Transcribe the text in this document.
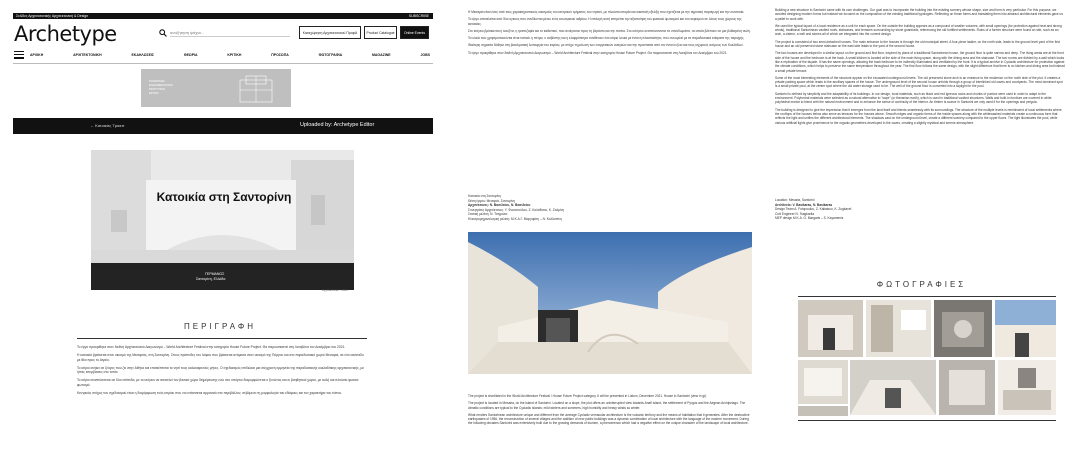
Σελίδες Αρχιτεκτονικής Αρχιτεκτονική & Design	SUBSCRIBE
Archetype
αναζήτηση ψάχνε...	Καταχώρηση Αρχιτεκτονικού Προφίλ	Product Catalogue	Online Events
ΑΡΧΙΚΗ	ΑΡΧΙΤΕΚΤΟΝΙΚΗ	ΕΚΔΗΛΩΣΕΙΣ	ΘΕΩΡΙΑ	ΚΡΙΤΙΚΗ	ΠΡΟΣΩΠΑ	ΦΩΤΟΓΡΑΦΙΑ	MAGAZINE	JOBS
ΠΑΝΟΡΑΜΑ
ΕΝΔΙΑΦΕΡΟΝΤΟΣ
ΠΡΟΤΥΠΩΝ
ΕΡΓΩΝ
← Κατοικίες Τρικεπ	Uploaded by: Archetype Editor
Κατοικία στη Σαντορίνη
ΓΕΡΜΑΝΟΣ
Σαντορίνη, Ελλάδα
Αρχιτεκτονικά · 2021
ΠΕΡΙΓΡΑΦΗ

Το έργο προκρίθηκε στον διεθνή Αρχιτεκτονικό Διαγωνισμό – World Architecture Festival στην κατηγορία House Future Project. Θα παρουσιαστεί στη Λισαβόνα τον Δεκέμβριο του 2021.

Η κατοικία βρίσκεται στον οικισμό της Μεσαριάς, στη Σαντορίνη. Στους πρόποδες του λόφου που βρίσκεται ανάμεσα στον οικισμό της Πύργου και στο παραδοσιακό χωριό Μεσαριά, σε ένα οικόπεδο με θέα προς το Αιγαίο.

Το κτίριο ανήκει σε ζεύγος που ζει στην Αθήνα και επισκέπτεται το νησί τους καλοκαιρινούς μήνες. Ο σχεδιασμός επιδιώκει μια σύγχρονη ερμηνεία της παραδοσιακής κυκλαδίτικης αρχιτεκτονικής, με ήπιες επεμβάσεις στο τοπίο.

Το κτίριο αναπτύσσεται σε δύο επίπεδα, με το ισόγειο να αποτελεί τον βασικό χώρο διημέρευσης ενώ στο υπόγειο διαμορφώνεται ο ξενώνας και οι βοηθητικοί χώροι, με αυλή και πλούσιο φυσικό φωτισμό.

Κεντρικός στόχος του σχεδιασμού είναι η διαμόρφωση ενός κτιρίου που να εντάσσεται αρμονικά στο περιβάλλον, σεβόμενο τη μορφολογία του εδάφους και τον χαρακτήρα του τόπου.

Η Μεσαριά είναι ένας από τους χαρακτηριστικούς οικισμούς του κεντρικού τμήματος του νησιού, με πλούσια ιστορία και οικιστική εξέλιξη που σχετίζεται με την αγροτική παραγωγή και την οινοποιία.

Το έργο αποτελείται από δύο ογκους που συνδέονται μέσω ενός εσωτερικού αιθρίου. Η επιλογή αυτή επιτρέπει την αξιοποίηση του φυσικού φωτισμού και του αερισμού σε όλους τους χώρους της κατοικίας.

Στο ισόγειο βρίσκονται η κουζίνα, η τραπεζαρία και το καθιστικό, που ανοίγονται προς τη βεράντα και την πισίνα. Στο υπόγειο αναπτύσσονται τα υπνοδωμάτια, τα οποία βλέπουν σε μια βυθισμένη αυλή.

Τα υλικά που χρησιμοποιούνται είναι τοπικά: η πέτρα, ο ασβέστης και η ελαφρόπετρα συνθέτουν ένα κτίριο λευκό με έντονη πλαστικότητα, που συνομιλεί με τα παραδοσιακά κτίσματα της περιοχής.

Ιδιαίτερη σημασία δόθηκε στη βιοκλιματική λειτουργία του κτιρίου, με στόχο τη μείωση των ενεργειακών αναγκών και την προστασία από τον έντονο ήλιο και τους ισχυρούς ανέμους των Κυκλάδων.

Το έργο προκρίθηκε στον διεθνή Αρχιτεκτονικό Διαγωνισμό – World Architecture Festival στην κατηγορία House Future Project. Θα παρουσιαστεί στη Λισαβόνα τον Δεκέμβριο του 2021.

Κατοικία στη Σαντορίνη
Θέση έργου: Μεσαριά, Σαντορίνη
Αρχιτέκτονες: Ν. Βασιλείου, Ν. Βασιλείου
Συνεργάτες Αρχιτέκτονες: Υ. Φωτοπούλου, Ζ. Καλαΐτσου, Κ. Ζαλμίνη
Στατική μελέτη: Ν. Τσιγρώτα
Ηλεκτρομηχανολογική μελέτη: Μ.Κ.Α.Γ. Μαργαρίτη – Ν. Κολλαπίνη

The project is shortlisted in the World Architecture Festival / House Future Project category. It will be presented in Lisbon, December 2021. House in Santorini (view in gr)

The project is located in Mesaria, on the island of Santorini. Located on a slope, the plot offers an uninterrupted view towards Anafi island, the settlement of Pyrgos and the Aegean Archipelago. The climatic conditions are typical to the Cycladic islands; mild winters and summers, high humidity and heavy winds so winter.

What renders Santorinean architecture unique and different from the average Cycladic vernacular architecture is the volcanic territory and the means of habitation that it generates. After the destructive earthquakes of 1956, the reconstruction of several villages and the addition of new public buildings was a dynamic combination of local architecture with the language of the modern movement. During the following decades Santorini was extensively built due to the growing demands of tourism, a phenomenon which had a negative effect on the unique character of the landscape of local architecture.

Building a new structure in Santorini came with its own challenges. Our goal was to incorporate the building into the existing scenery whose shape, size and form is very particular. For this purpose, we avoided designing modern forms but instead we focused on the composition of the existing traditional typologies. Reflecting on those forms and translating them into abstract architectural elements gave us a pallet to work with.

We used the typical layout of a local residence as a unit for each space. On the outside the building appears as a compound of smaller volumes, with small openings (for protection against heat and strong winds), traditional Santorinean vaulted roofs, staircases, and terraces surrounding by stone guardrails, referencing the old fortified settlements. Ruins of a former structure were found on site, such as an arch, a cistern, a well and stones all of which we integrated into the current design.

The project is consisted of two semi-detached houses. The main entrance to the houses is through the old municipal street. A four-piece ladder, on the north side, leads to the ground level yard of the first house and an old preserved stone staircase on the east side leads to the yard of the second house.

The two houses are developed in a similar layout on the ground and first floor, inspired by plans of a traditional Santorinean house, the ground floor is quite narrow and deep. The living areas are at the front side of the house and the bedroom is at the back. A small kitchen is located at the side of the main living space, along with the dining area and the staircase. The two rooms are divided by a wall which looks like a replication of the façade. It has the same openings, allowing the back bedroom to be indirectly illuminated and ventilated by the front. It is a typical archive in Cycladic architecture for protection against the climate conditions, which helps to preserve the same temperature throughout the year. The first floor follows the same design, with the slight difference that there is no kitchen and dining area but instead a small private terrace.

Some of the most interesting elements of the structure appear on the excavated underground levels. The old preserved stone arch is an entrance to the residence on the north side of the plot. It creates a private parking space which leads to the ancillary spaces of the house. The underground level of the second house unfolds through a group of interlinked old caves and courtyards. The most dominant spot is a small private pool, at the center spot where the old water storage used to be. The well of the ground floor is converted into a skylight for the pool.

Santorini is defined by simplicity and the adaptability of its buildings. In our design, local materials, such as black and red igneous rocks and chunks of pumice were used in order to adapt to the environment. Polyhedral materials were selected as a natural alternative to "sape" (or theranian earth), which is used in traditional vaulted structures. Walls and built-in furniture are covered in white polyhedral mortar to blend with the natural environment and to enhance the sense of continuity of the interior. An timber is scarce in Santorini we only used it for the openings and pergola.

The building is designed to give the impression that it emerges from the land itself and blends seamlessly with its surroundings. The structure of the multiple levels is reminiscent of local settlements where the rooftops of the houses below also serve as terraces for the houses above. Smooth edges and organic forms of the inside spaces along with the whitewashed materials create a continuous form that reflects the light and unifies the different architectural elements. The shadows cast on the underground level, create a different scenery compared to the upper floors. The light illuminates the pool, while various artificial lights give prominence to the organic geometries developed in the caves, creating a slightly mystical and serene atmosphere.

Location: Mesaria, Santorini
Architects: V. Basikaras, N. Basikaras
Design Team A. Fotopoulou, Z. Kaltaisou, K. Zogkavel
Civil Engineer N. Tsagkarita
MEP design M.K.A. G. Margaris – S. Kayamenis
ΦΩΤΟΓΡΑΦΙΕΣ
